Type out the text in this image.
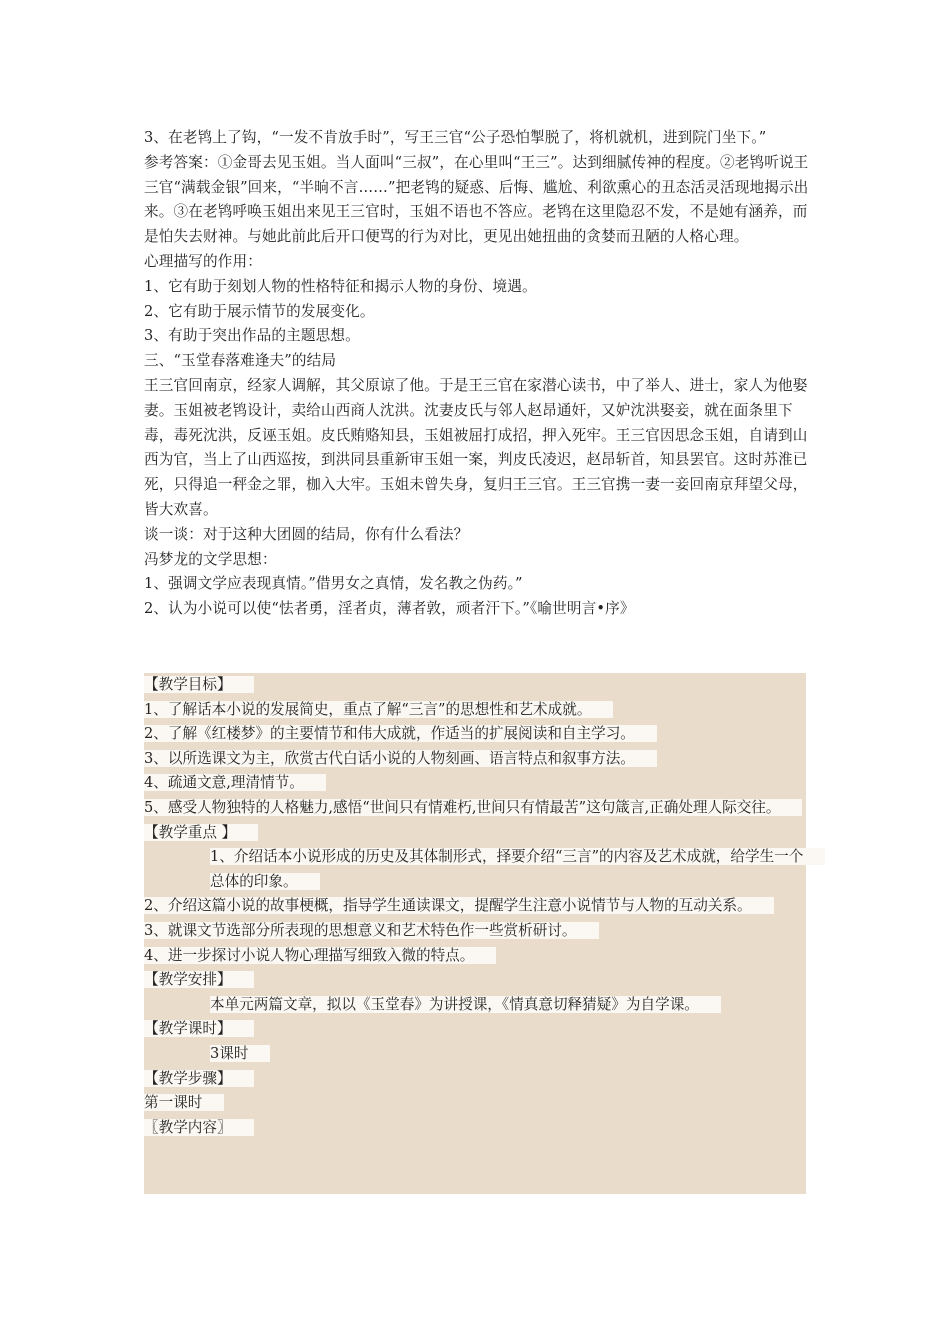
3、在老鸨上了钩，“一发不肯放手时”，写王三官“公子恐怕掣脱了，将机就机，进到院门坐下。”

参考答案：①金哥去见玉姐。当人面叫“三叔”，在心里叫“王三”。达到细腻传神的程度。②老鸨听说王三官“满载金银”回来，“半晌不言……”把老鸨的疑惑、后悔、尴尬、利欲熏心的丑态活灵活现地揭示出来。③在老鸨呼唤玉姐出来见王三官时，玉姐不语也不答应。老鸨在这里隐忍不发，不是她有涵养，而是怕失去财神。与她此前此后开口便骂的行为对比，更见出她扭曲的贪婪而丑陋的人格心理。

心理描写的作用：

1、它有助于刻划人物的性格特征和揭示人物的身份、境遇。

2、它有助于展示情节的发展变化。

3、有助于突出作品的主题思想。

三、“玉堂春落难逢夫”的结局

王三官回南京，经家人调解，其父原谅了他。于是王三官在家潜心读书，中了举人、进士，家人为他娶妻。玉姐被老鸨设计，卖给山西商人沈洪。沈妻皮氏与邻人赵昂通奸，又妒沈洪娶妾，就在面条里下毒，毒死沈洪，反诬玉姐。皮氏贿赂知县，玉姐被屈打成招，押入死牢。王三官因思念玉姐，自请到山西为官，当上了山西巡按，到洪同县重新审玉姐一案，判皮氏凌迟，赵昂斩首，知县罢官。这时苏淮已死，只得追一秤金之罪，枷入大牢。玉姐未曾失身，复归王三官。王三官携一妻一妾回南京拜望父母，皆大欢喜。

谈一谈：对于这种大团圆的结局，你有什么看法？

冯梦龙的文学思想：

1、强调文学应表现真情。”借男女之真情，发名教之伪药。”

2、认为小说可以使“怯者勇，淫者贞，薄者敦，顽者汗下。”《喻世明言•序》

【教学目标】
1、了解话本小说的发展简史，重点了解“三言”的思想性和艺术成就。
2、了解《红楼梦》的主要情节和伟大成就，作适当的扩展阅读和自主学习。
3、以所选课文为主，欣赏古代白话小说的人物刻画、语言特点和叙事方法。
4、疏通文意,理清情节。
5、感受人物独特的人格魅力,感悟“世间只有情难朽,世间只有情最苦”这句箴言,正确处理人际交往。
【教学重点 】
1、介绍话本小说形成的历史及其体制形式，择要介绍“三言”的内容及艺术成就，给学生一个总体的印象。
2、介绍这篇小说的故事梗概，指导学生通读课文，提醒学生注意小说情节与人物的互动关系。
3、就课文节选部分所表现的思想意义和艺术特色作一些赏析研讨。
4、进一步探讨小说人物心理描写细致入微的特点。
【教学安排】
本单元两篇文章，拟以《玉堂春》为讲授课，《情真意切释猜疑》为自学课。
【教学课时】
3课时
【教学步骤】
第一课时
〖教学内容〗
